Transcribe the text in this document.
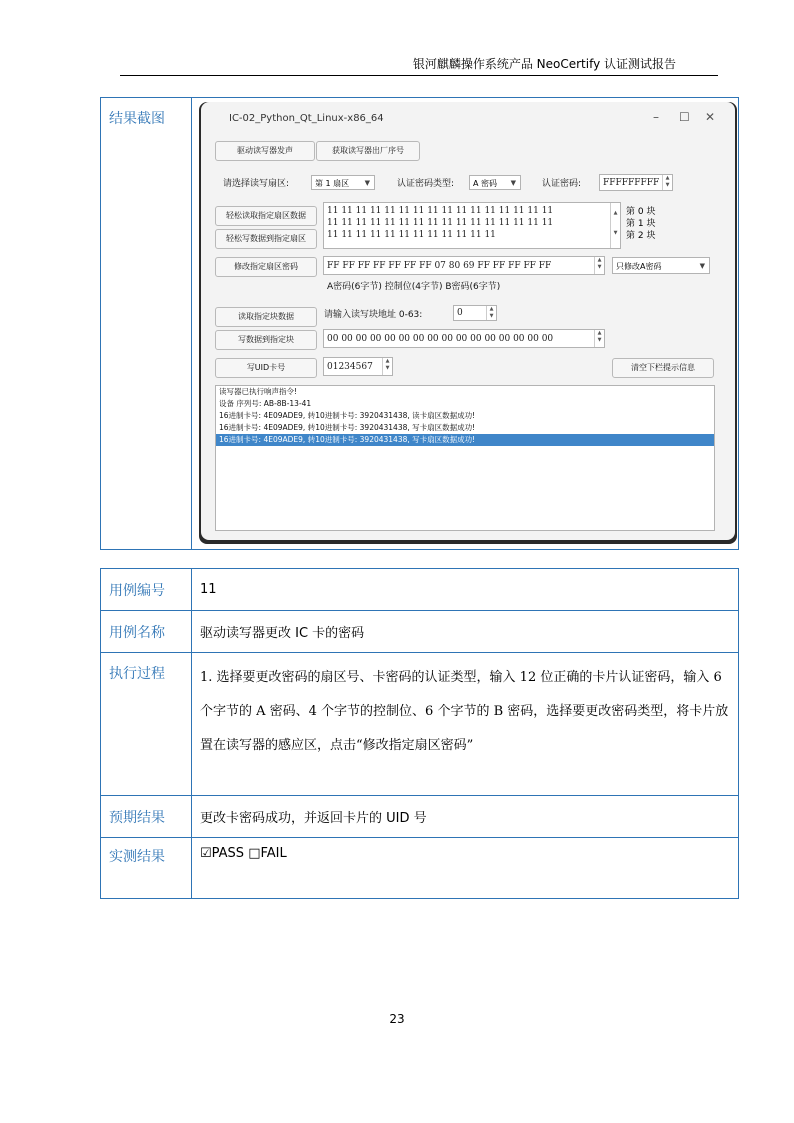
银河麒麟操作系统产品 NeoCertify 认证测试报告
结果截图	IC-02_Python_Qt_Linux-x86_64	– ☐ ✕
驱动读写器发声	获取读写器出厂序号
请选择读写扇区:	第 1 扇区 ▼	认证密码类型:	A 密码 ▼	认证密码:	FFFFFFFFF	▲
▼
轻松读取指定扇区数据
轻松写数据到指定扇区
11 11 11 11 11 11 11 11 11 11 11 11 11 11 11 11
11 11 11 11 11 11 11 11 11 11 11 11 11 11 11 11
11 11 11 11 11 11 11 11 11 11 11 11
▲
▼
第 0 块
第 1 块
第 2 块
修改指定扇区密码	FF FF FF FF FF FF FF 07 80 69 FF FF FF FF FF
▲
▼	只修改A密码	▼
A密码(6字节) 控制位(4字节) B密码(6字节)
读取指定块数据	请输入读写块地址 0-63:	0	▲
▼
写数据到指定块	00 00 00 00 00 00 00 00 00 00 00 00 00 00 00 00
▲
▼
写UID卡号	01234567
▲
▼	清空下栏提示信息
读写器已执行响声指令!
设备 序列号: AB-8B-13-41
16进制卡号: 4E09ADE9, 转10进制卡号: 3920431438, 读卡扇区数据成功!
16进制卡号: 4E09ADE9, 转10进制卡号: 3920431438, 写卡扇区数据成功!
16进制卡号: 4E09ADE9, 转10进制卡号: 3920431438, 写卡扇区数据成功!
用例编号	11
用例名称	驱动读写器更改 IC 卡的密码
执行过程	1. 选择要更改密码的扇区号、卡密码的认证类型，输入 12 位正确的卡片认证密码，输入 6 个字节的 A 密码、4 个字节的控制位、6 个字节的 B 密码，选择要更改密码类型，将卡片放置在读写器的感应区，点击“修改指定扇区密码”
预期结果	更改卡密码成功，并返回卡片的 UID 号
实测结果	☑PASS □FAIL
23
